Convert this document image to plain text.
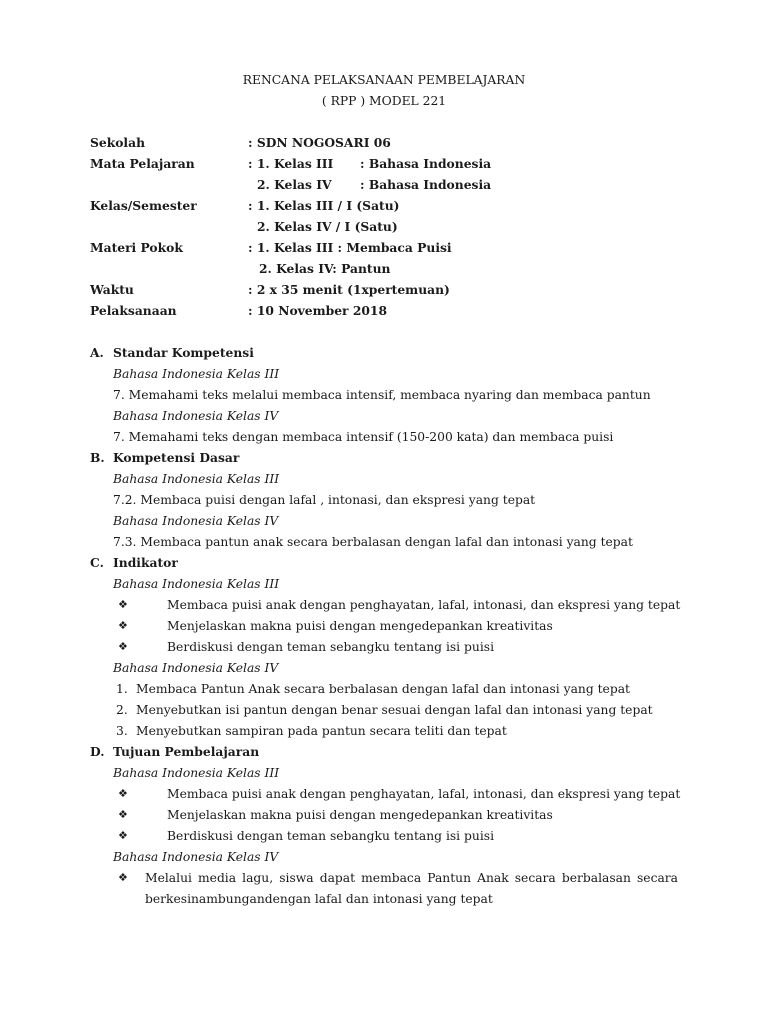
RENCANA PELAKSANAAN PEMBELAJARAN
( RPP ) MODEL 221
Sekolah	: SDN NOGOSARI 06
Mata Pelajaran	: 1. Kelas III : Bahasa Indonesia
2. Kelas IV : Bahasa Indonesia
Kelas/Semester	: 1. Kelas III / I (Satu)
2. Kelas IV / I (Satu)
Materi Pokok	: 1. Kelas III : Membaca Puisi
2. Kelas IV: Pantun
Waktu	: 2 x 35 menit (1xpertemuan)
Pelaksanaan	: 10 November 2018
A. Standar Kompetensi
Bahasa Indonesia Kelas III
7. Memahami teks melalui membaca intensif, membaca nyaring dan membaca pantun
Bahasa Indonesia Kelas IV
7. Memahami teks dengan membaca intensif (150-200 kata) dan membaca puisi
B. Kompetensi Dasar
Bahasa Indonesia Kelas III
7.2. Membaca puisi dengan lafal , intonasi, dan ekspresi yang tepat
Bahasa Indonesia Kelas IV
7.3. Membaca pantun anak secara berbalasan dengan lafal dan intonasi yang tepat
C. Indikator
Bahasa Indonesia Kelas III
❖	Membaca puisi anak dengan penghayatan, lafal, intonasi, dan ekspresi yang tepat
❖	Menjelaskan makna puisi dengan mengedepankan kreativitas
❖	Berdiskusi dengan teman sebangku tentang isi puisi
Bahasa Indonesia Kelas IV
1. Membaca Pantun Anak secara berbalasan dengan lafal dan intonasi yang tepat
2. Menyebutkan isi pantun dengan benar sesuai dengan lafal dan intonasi yang tepat
3. Menyebutkan sampiran pada pantun secara teliti dan tepat
D. Tujuan Pembelajaran
Bahasa Indonesia Kelas III
❖	Membaca puisi anak dengan penghayatan, lafal, intonasi, dan ekspresi yang tepat
❖	Menjelaskan makna puisi dengan mengedepankan kreativitas
❖	Berdiskusi dengan teman sebangku tentang isi puisi
Bahasa Indonesia Kelas IV
❖ Melalui media lagu, siswa dapat membaca Pantun Anak secara berbalasan secara
berkesinambungandengan lafal dan intonasi yang tepat
